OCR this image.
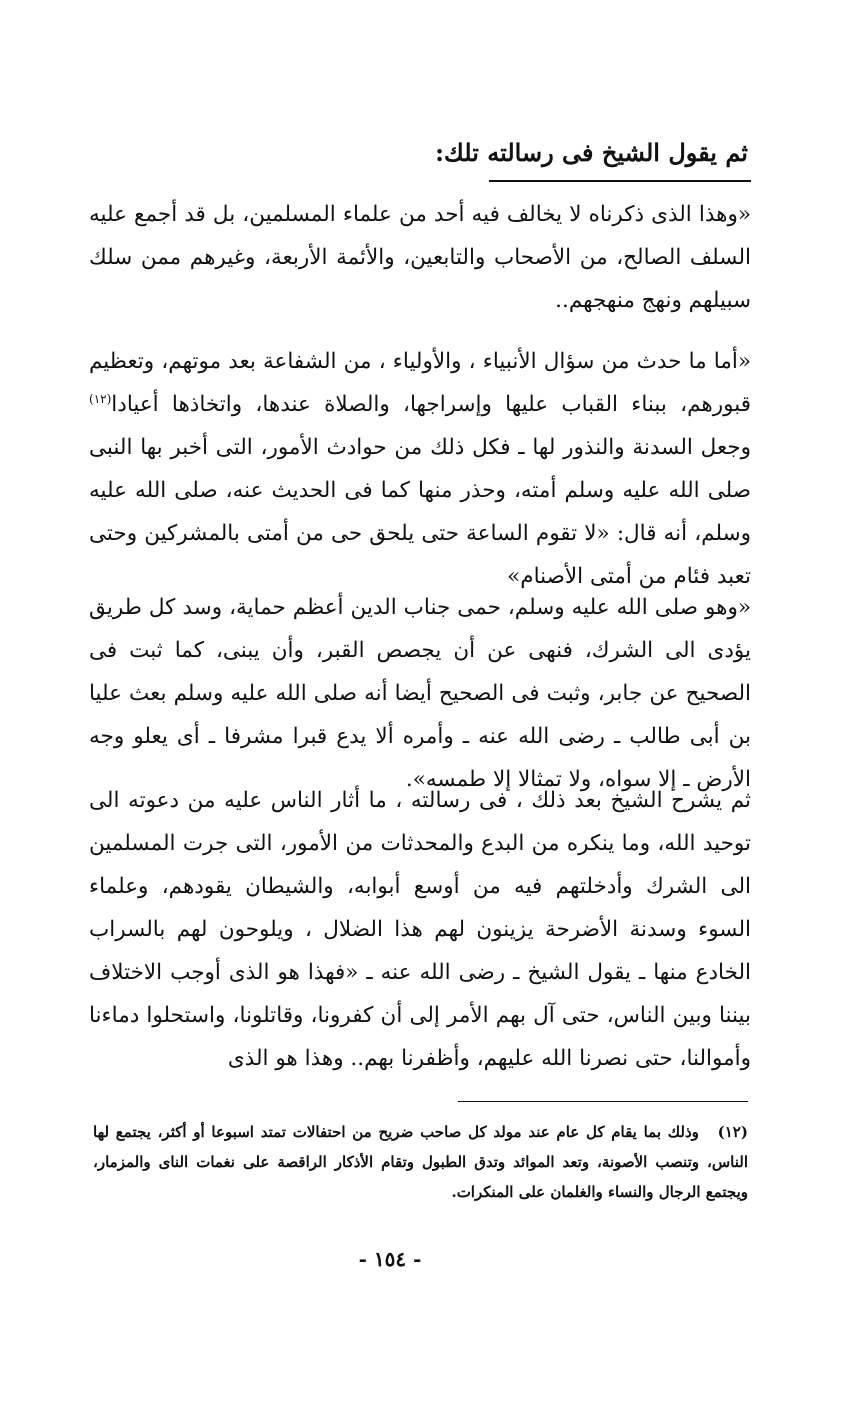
ثم يقول الشيخ فى رسالته تلك:

«وهذا الذى ذكرناه لا يخالف فيه أحد من علماء المسلمين، بل قد أجمع عليه السلف الصالح، من الأصحاب والتابعين، والأئمة الأربعة، وغيرهم ممن سلك سبيلهم ونهج منهجهم..

«أما ما حدث من سؤال الأنبياء ، والأولياء ، من الشفاعة بعد موتهم، وتعظيم قبورهم، ببناء القباب عليها وإسراجها، والصلاة عندها، واتخاذها أعيادا$^{(١٢)}$ وجعل السدنة والنذور لها ـ فكل ذلك من حوادث الأمور، التى أخبر بها النبى صلى الله عليه وسلم أمته، وحذر منها كما فى الحديث عنه، صلى الله عليه وسلم، أنه قال: «لا تقوم الساعة حتى يلحق حى من أمتى بالمشركين وحتى تعبد فئام من أمتى الأصنام»

«وهو صلى الله عليه وسلم، حمى جناب الدين أعظم حماية، وسد كل طريق يؤدى الى الشرك، فنهى عن أن يجصص القبر، وأن يبنى، كما ثبت فى الصحيح عن جابر، وثبت فى الصحيح أيضا أنه صلى الله عليه وسلم بعث عليا بن أبى طالب ـ رضى الله عنه ـ وأمره ألا يدع قبرا مشرفا ـ أى يعلو وجه الأرض ـ إلا سواه، ولا تمثالا إلا طمسه».

ثم يشرح الشيخ بعد ذلك ، فى رسالته ، ما أثار الناس عليه من دعوته الى توحيد الله، وما ينكره من البدع والمحدثات من الأمور، التى جرت المسلمين الى الشرك وأدخلتهم فيه من أوسع أبوابه، والشيطان يقودهم، وعلماء السوء وسدنة الأضرحة يزينون لهم هذا الضلال ، ويلوحون لهم بالسراب الخادع منها ـ يقول الشيخ ـ رضى الله عنه ـ «فهذا هو الذى أوجب الاختلاف بيننا وبين الناس، حتى آل بهم الأمر إلى أن كفرونا، وقاتلونا، واستحلوا دماءنا وأموالنا، حتى نصرنا الله عليهم، وأظفرنا بهم.. وهذا هو الذى

(١٢) وذلك بما يقام كل عام عند مولد كل صاحب ضريح من احتفالات تمتد اسبوعا أو أكثر، يجتمع لها الناس، وتنصب الأصونة، وتعد الموائد وتدق الطبول وتقام الأذكار الراقصة على نغمات الناى والمزمار، ويجتمع الرجال والنساء والغلمان على المنكرات.

- ١٥٤ -
